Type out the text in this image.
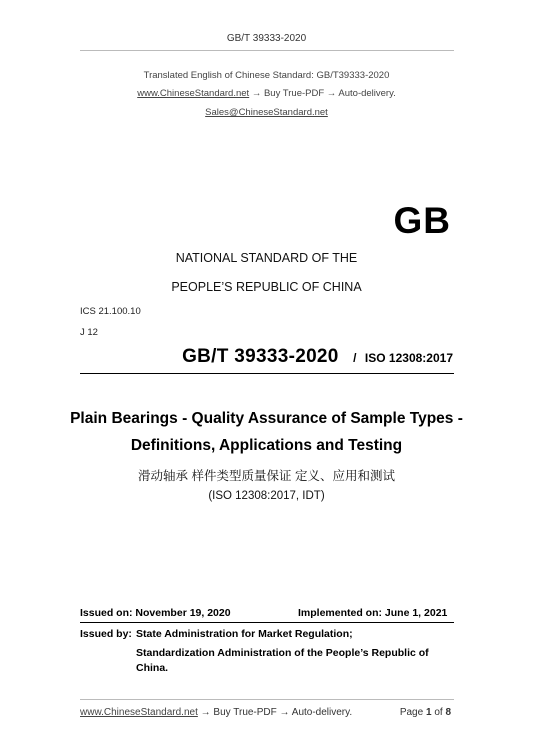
GB/T 39333-2020
Translated English of Chinese Standard: GB/T39333-2020
www.ChineseStandard.net → Buy True-PDF → Auto-delivery.
Sales@ChineseStandard.net
GB
NATIONAL STANDARD OF THE
PEOPLE’S REPUBLIC OF CHINA
ICS 21.100.10
J 12
GB/T 39333-2020 / ISO 12308:2017
Plain Bearings - Quality Assurance of Sample Types -
Definitions, Applications and Testing
滑动轴承 样件类型质量保证 定义、应用和测试
(ISO 12308:2017, IDT)
Issued on: November 19, 2020	Implemented on: June 1, 2021
Issued by: State Administration for Market Regulation;
Standardization Administration of the People’s Republic of
China.
www.ChineseStandard.net → Buy True-PDF → Auto-delivery.	Page 1 of 8
